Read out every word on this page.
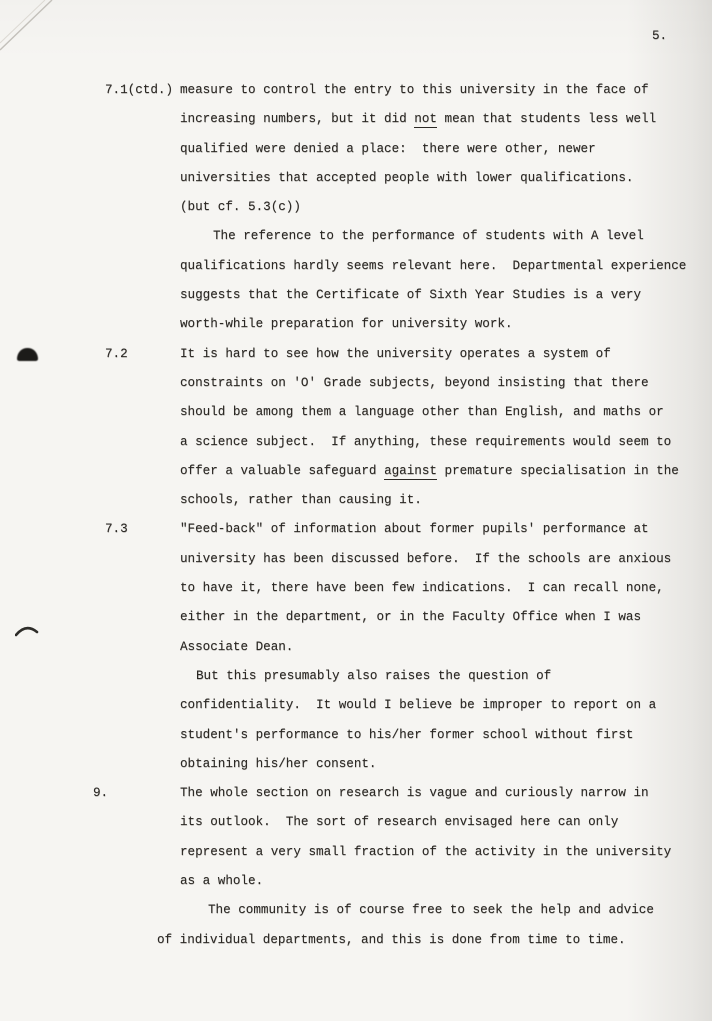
5.
7.1(ctd.) measure to control the entry to this university in the face of
increasing numbers, but it did not mean that students less well
qualified were denied a place:  there were other, newer
universities that accepted people with lower qualifications.
(but cf. 5.3(c))
The reference to the performance of students with A level
qualifications hardly seems relevant here.  Departmental experience
suggests that the Certificate of Sixth Year Studies is a very
worth-while preparation for university work.
7.2	It is hard to see how the university operates a system of
constraints on 'O' Grade subjects, beyond insisting that there
should be among them a language other than English, and maths or
a science subject.  If anything, these requirements would seem to
offer a valuable safeguard against premature specialisation in the
schools, rather than causing it.
7.3	"Feed-back" of information about former pupils' performance at
university has been discussed before.  If the schools are anxious
to have it, there have been few indications.  I can recall none,
either in the department, or in the Faculty Office when I was
Associate Dean.
But this presumably also raises the question of
confidentiality.  It would I believe be improper to report on a
student's performance to his/her former school without first
obtaining his/her consent.
9.	The whole section on research is vague and curiously narrow in
its outlook.  The sort of research envisaged here can only
represent a very small fraction of the activity in the university
as a whole.
The community is of course free to seek the help and advice
of individual departments, and this is done from time to time.
